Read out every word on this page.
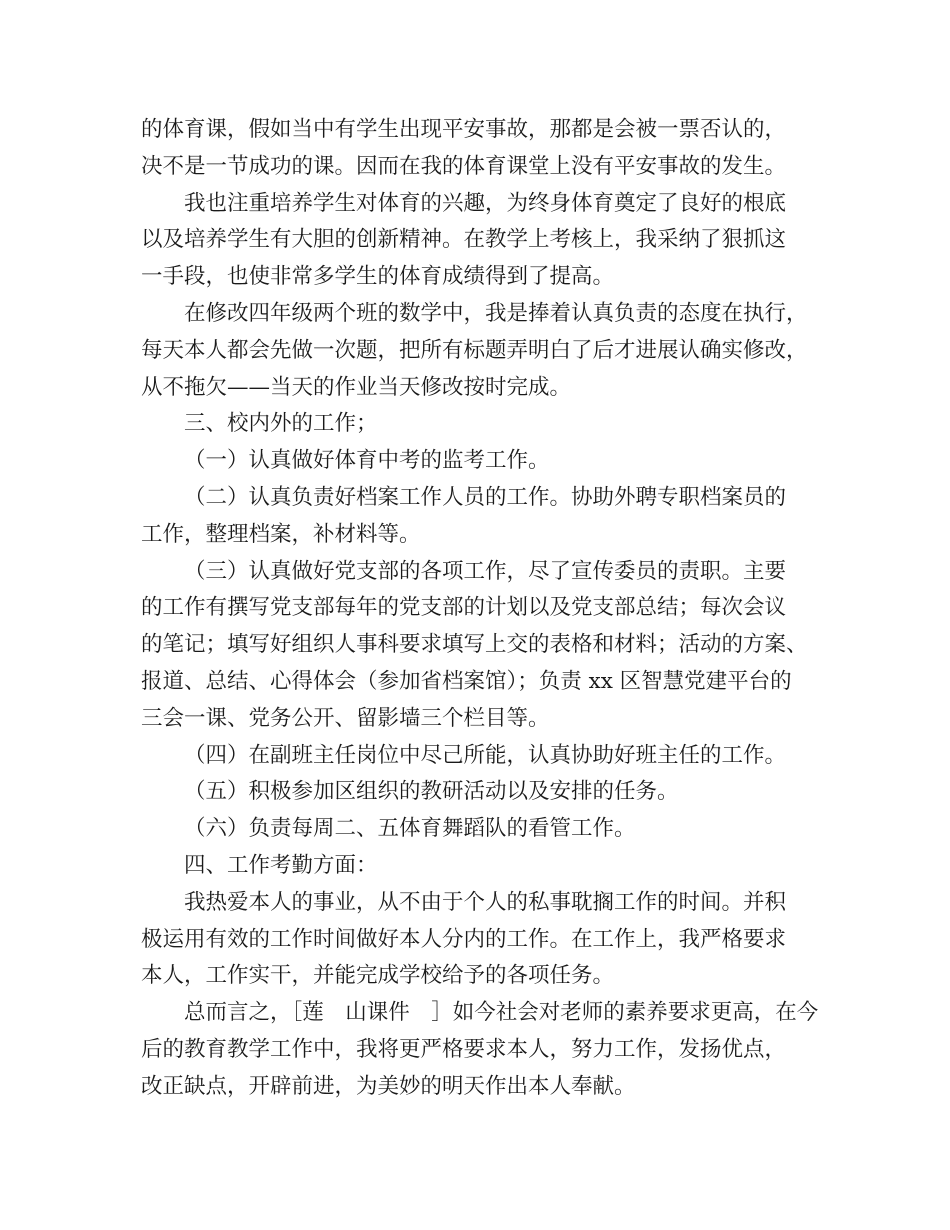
的体育课，假如当中有学生出现平安事故，那都是会被一票否认的，
决不是一节成功的课。因而在我的体育课堂上没有平安事故的发生。

我也注重培养学生对体育的兴趣，为终身体育奠定了良好的根底
以及培养学生有大胆的创新精神。在教学上考核上，我采纳了狠抓这
一手段，也使非常多学生的体育成绩得到了提高。

在修改四年级两个班的数学中，我是捧着认真负责的态度在执行，
每天本人都会先做一次题，把所有标题弄明白了后才进展认确实修改，
从不拖欠——当天的作业当天修改按时完成。

三、校内外的工作；

（一）认真做好体育中考的监考工作。

（二）认真负责好档案工作人员的工作。协助外聘专职档案员的
工作，整理档案，补材料等。

（三）认真做好党支部的各项工作，尽了宣传委员的责职。主要
的工作有撰写党支部每年的党支部的计划以及党支部总结；每次会议
的笔记；填写好组织人事科要求填写上交的表格和材料；活动的方案、
报道、总结、心得体会（参加省档案馆）；负责 xx 区智慧党建平台的
三会一课、党务公开、留影墙三个栏目等。

（四）在副班主任岗位中尽己所能，认真协助好班主任的工作。

（五）积极参加区组织的教研活动以及安排的任务。

（六）负责每周二、五体育舞蹈队的看管工作。

四、工作考勤方面：

我热爱本人的事业，从不由于个人的私事耽搁工作的时间。并积
极运用有效的工作时间做好本人分内的工作。在工作上，我严格要求
本人，工作实干，并能完成学校给予的各项任务。

总而言之，［莲　山课件　］如今社会对老师的素养要求更高，在今
后的教育教学工作中，我将更严格要求本人，努力工作，发扬优点，
改正缺点，开辟前进，为美妙的明天作出本人奉献。
